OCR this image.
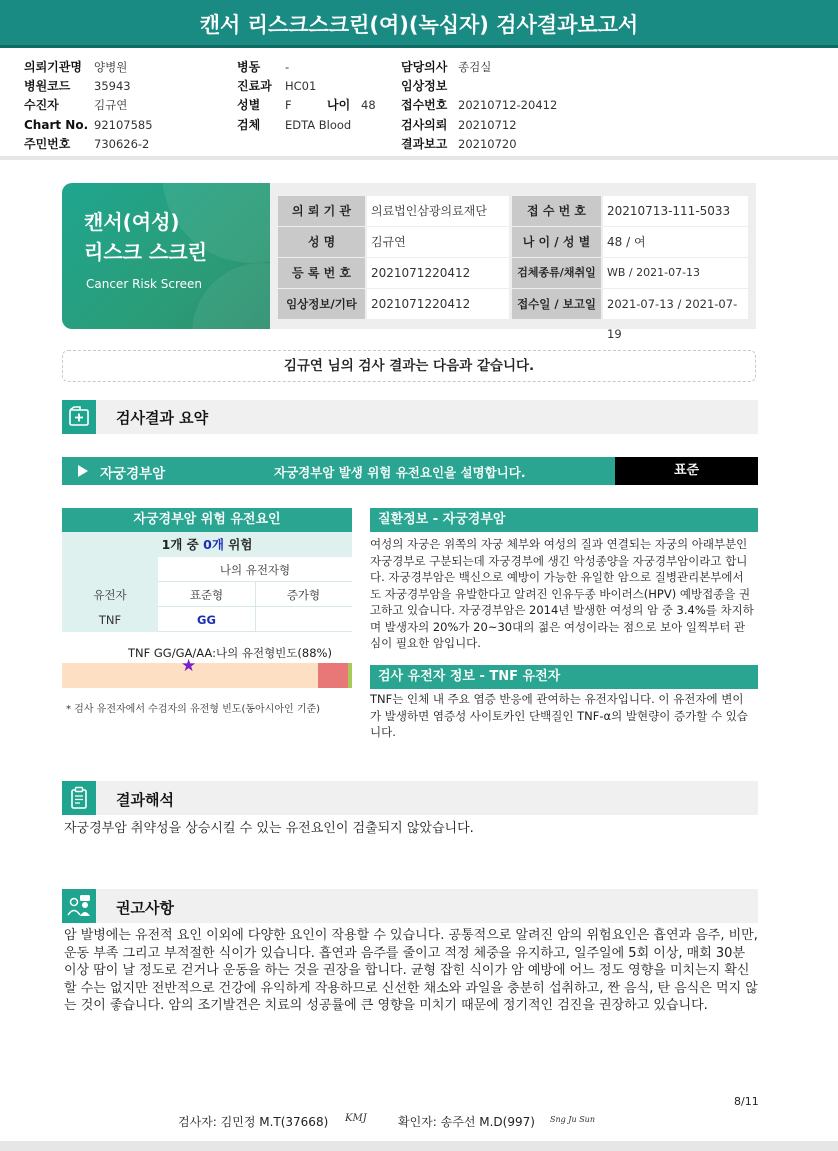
캔서 리스크스크린(여)(녹십자) 검사결과보고서
의뢰기관명 양병원
병원코드 35943
수진자	김규연
Chart No. 92107585
주민번호 730626-2
병동 -
진료과 HC01
성별 F
검체 EDTA Blood
나이 48
담당의사 종검실
임상정보
접수번호 20210712-20412
검사의뢰 20210712
결과보고 20210720
캔서(여성)
리스크 스크린
Cancer Risk Screen
의 뢰 기 관	의료법인삼광의료재단	접 수 번 호	20210713-111-5033
성 명	김규연	나 이 / 성 별	48 / 여
등 록 번 호	2021071220412	검체종류/채취일	WB / 2021-07-13
임상정보/기타	2021071220412	접수일 / 보고일 2021-07-13 / 2021-07-19
김규연 님의 검사 결과는 다음과 같습니다.
검사결과 요약
자궁경부암	자궁경부암 발생 위험 유전요인을 설명합니다.	표준
자궁경부암 위험 유전요인
1개 중 0개 위험
나의 유전자형
유전자	표준형	증가형
TNF	GG
TNF GG/GA/AA:나의 유전형빈도(88%)
★
* 검사 유전자에서 수검자의 유전형 빈도(동아시아인 기준)
질환정보 - 자궁경부암
여성의 자궁은 위쪽의 자궁 체부와 여성의 질과 연결되는 자궁의 아래부분인 자궁경부로 구분되는데 자궁경부에 생긴 악성종양을 자궁경부암이라고 합니다. 자궁경부암은 백신으로 예방이 가능한 유일한 암으로 질병관리본부에서도 자궁경부암을 유발한다고 알려진 인유두종 바이러스(HPV) 예방접종을 권고하고 있습니다. 자궁경부암은 2014년 발생한 여성의 암 중 3.4%를 차지하며 발생자의 20%가 20~30대의 젊은 여성이라는 점으로 보아 일찍부터 관심이 필요한 암입니다.
검사 유전자 정보 - TNF 유전자
TNF는 인체 내 주요 염증 반응에 관여하는 유전자입니다. 이 유전자에 변이가 발생하면 염증성 사이토카인 단백질인 TNF-α의 발현량이 증가할 수 있습니다.
결과해석
자궁경부암 취약성을 상승시킬 수 있는 유전요인이 검출되지 않았습니다.
권고사항
암 발병에는 유전적 요인 이외에 다양한 요인이 작용할 수 있습니다. 공통적으로 알려진 암의 위험요인은 흡연과 음주, 비만, 운동 부족 그리고 부적절한 식이가 있습니다. 흡연과 음주를 줄이고 적정 체중을 유지하고, 일주일에 5회 이상, 매회 30분 이상 땀이 날 정도로 걷거나 운동을 하는 것을 권장을 합니다. 균형 잡힌 식이가 암 예방에 어느 정도 영향을 미치는지 확신할 수는 없지만 전반적으로 건강에 유익하게 작용하므로 신선한 채소와 과일을 충분히 섭취하고, 짠 음식, 탄 음식은 먹지 않는 것이 좋습니다. 암의 조기발견은 치료의 성공률에 큰 영향을 미치기 때문에 정기적인 검진을 권장하고 있습니다.
8/11
검사자: 김민정 M.T(37668) KMJ	확인자: 송주선 M.D(997) Sng Ju Sun
